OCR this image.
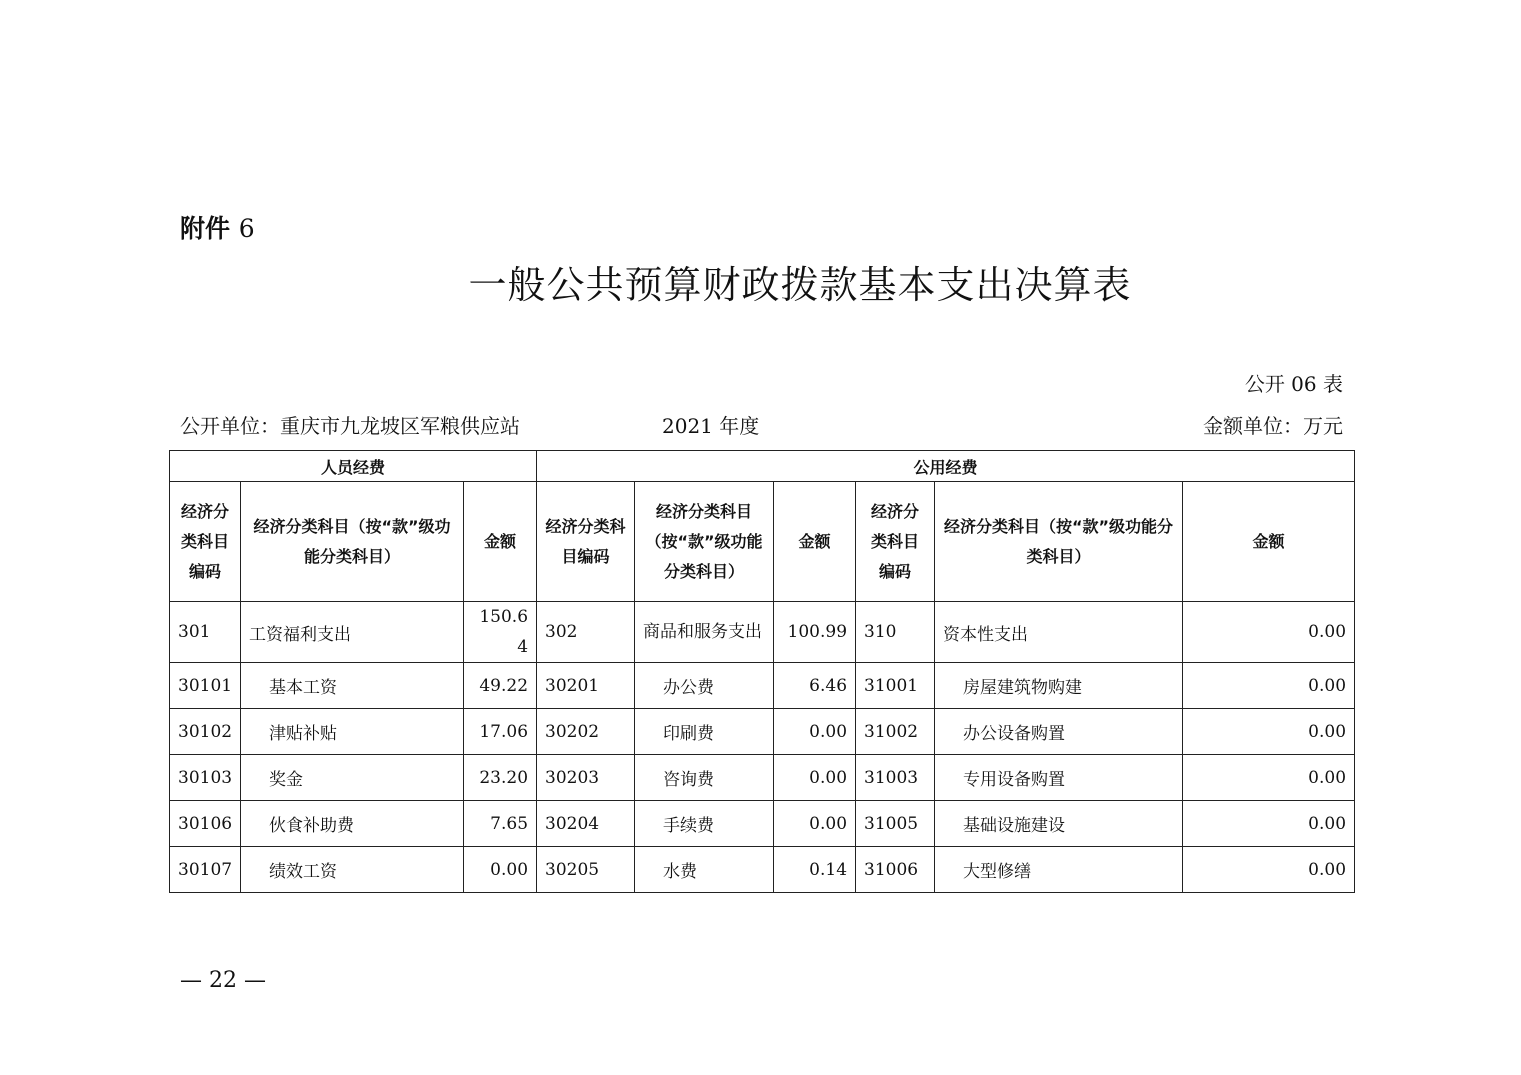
附件 6
一般公共预算财政拨款基本支出决算表
公开 06 表
公开单位：重庆市九龙坡区军粮供应站	2021 年度	金额单位：万元
人员经费			公用经费					
经济分类科目编码	经济分类科目（按“款”级功能分类科目）	金额	经济分类科目编码	经济分类科目（按“款”级功能分类科目）	金额	经济分类科目编码	经济分类科目（按“款”级功能分类科目）	金额
301	工资福利支出	150.64	302	商品和服务支出	100.99	310	资本性支出	0.00
30101	基本工资	49.22	30201	办公费	6.46	31001	房屋建筑物购建	0.00
30102	津贴补贴	17.06	30202	印刷费	0.00	31002	办公设备购置	0.00
30103	奖金	23.20	30203	咨询费	0.00	31003	专用设备购置	0.00
30106	伙食补助费	7.65	30204	手续费	0.00	31005	基础设施建设	0.00
30107	绩效工资	0.00	30205	水费	0.14	31006	大型修缮	0.00
— 22 —
